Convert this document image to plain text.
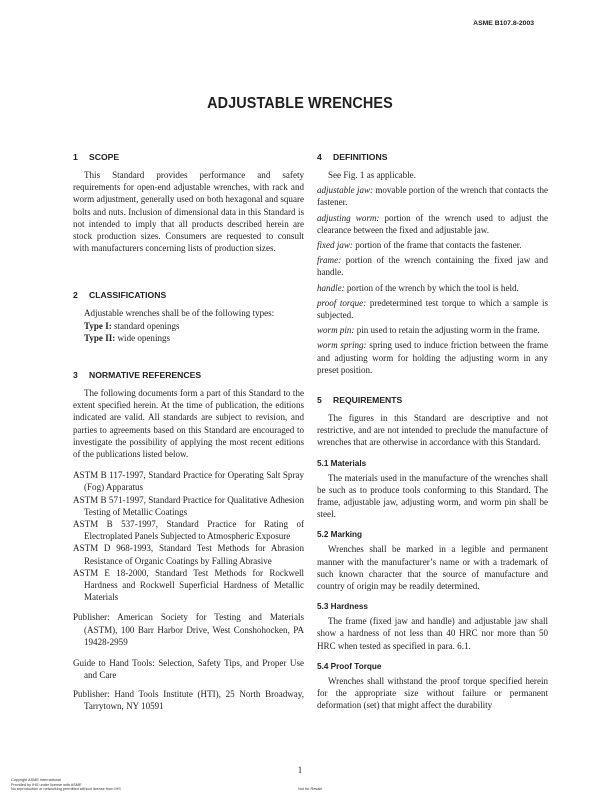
ASME B107.8-2003
ADJUSTABLE WRENCHES
1 SCOPE

This Standard provides performance and safety requirements for open-end adjustable wrenches, with rack and worm adjustment, generally used on both hexagonal and square bolts and nuts. Inclusion of dimensional data in this Standard is not intended to imply that all products described herein are stock production sizes. Consumers are requested to consult with manufacturers concerning lists of production sizes.

2 CLASSIFICATIONS

Adjustable wrenches shall be of the following types:

Type I: standard openings
Type II: wide openings
3 NORMATIVE REFERENCES

The following documents form a part of this Standard to the extent specified herein. At the time of publication, the editions indicated are valid. All standards are subject to revision, and parties to agreements based on this Standard are encouraged to investigate the possibility of applying the most recent editions of the publications listed below.

ASTM B 117-1997, Standard Practice for Operating Salt Spray (Fog) Apparatus

ASTM B 571-1997, Standard Practice for Qualitative Adhesion Testing of Metallic Coatings

ASTM B 537-1997, Standard Practice for Rating of Electroplated Panels Subjected to Atmospheric Exposure

ASTM D 968-1993, Standard Test Methods for Abrasion Resistance of Organic Coatings by Falling Abrasive

ASTM E 18-2000, Standard Test Methods for Rockwell Hardness and Rockwell Superficial Hardness of Metallic Materials

Publisher: American Society for Testing and Materials (ASTM), 100 Barr Harbor Drive, West Conshohocken, PA 19428-2959

Guide to Hand Tools: Selection, Safety Tips, and Proper Use and Care

Publisher: Hand Tools Institute (HTI), 25 North Broadway, Tarrytown, NY 10591

4 DEFINITIONS

See Fig. 1 as applicable.

adjustable jaw: movable portion of the wrench that contacts the fastener.

adjusting worm: portion of the wrench used to adjust the clearance between the fixed and adjustable jaw.

fixed jaw: portion of the frame that contacts the fastener.

frame: portion of the wrench containing the fixed jaw and handle.

handle: portion of the wrench by which the tool is held.

proof torque: predetermined test torque to which a sample is subjected.

worm pin: pin used to retain the adjusting worm in the frame.

worm spring: spring used to induce friction between the frame and adjusting worm for holding the adjusting worm in any preset position.

5 REQUIREMENTS

The figures in this Standard are descriptive and not restrictive, and are not intended to preclude the manufacture of wrenches that are otherwise in accordance with this Standard.

5.1 Materials

The materials used in the manufacture of the wrenches shall be such as to produce tools conforming to this Standard. The frame, adjustable jaw, adjusting worm, and worm pin shall be steel.

5.2 Marking

Wrenches shall be marked in a legible and permanent manner with the manufacturer’s name or with a trademark of such known character that the source of manufacture and country of origin may be readily determined.

5.3 Hardness

The frame (fixed jaw and handle) and adjustable jaw shall show a hardness of not less than 40 HRC nor more than 50 HRC when tested as specified in para. 6.1.

5.4 Proof Torque

Wrenches shall withstand the proof torque specified herein for the appropriate size without failure or permanent deformation (set) that might affect the durability

1
Copyright ASME International
Provided by IHS under license with ASME
No reproduction or networking permitted without license from IHS	Not for Resale
